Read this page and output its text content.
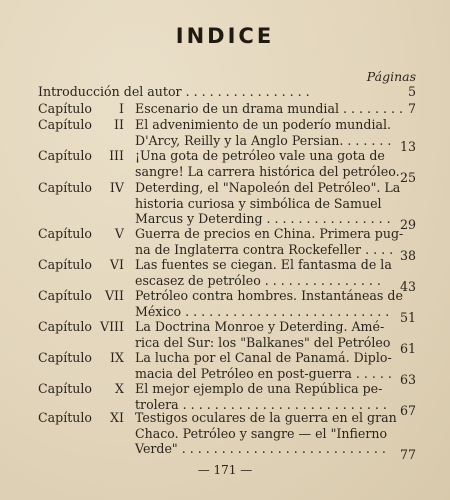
INDICE
Páginas
Introducción del autor . . . . . . . . . . . . . . . .	5
Capítulo	I Escenario de un drama mundial . . . . . . . . 7
Capítulo	II El advenimiento de un poderío mundial.
D'Arcy, Reilly y la Anglo Persian. . . . . . . 13
Capítulo	III ¡Una gota de petróleo vale una gota de
sangre! La carrera histórica del petróleo. .
25
Capítulo	IV Deterding, el "Napoleón del Petróleo". La
historia curiosa y simbólica de Samuel
Marcus y Deterding . . . . . . . . . . . . . . . . 29
Capítulo	V Guerra de precios en China. Primera pug-
na de Inglaterra contra Rockefeller . . . . 38
Capítulo	VI Las fuentes se ciegan. El fantasma de la
escasez de petróleo . . . . . . . . . . . . . . . 43
Capítulo	VII Petróleo contra hombres. Instantáneas de
México . . . . . . . . . . . . . . . . . . . . . . . . . . 51
Capítulo VIII La Doctrina Monroe y Deterding. Amé-
rica del Sur: los "Balkanes" del Petróleo 61
Capítulo	IX La lucha por el Canal de Panamá. Diplo-
macia del Petróleo en post-guerra . . . . . 63
Capítulo	X El mejor ejemplo de una República pe-
trolera . . . . . . . . . . . . . . . . . . . . . . . . . . 67
Capítulo	XI Testigos oculares de la guerra en el gran
Chaco. Petróleo y sangre — el "Infierno
Verde" . . . . . . . . . . . . . . . . . . . . . . . . . . 77
— 171 —
